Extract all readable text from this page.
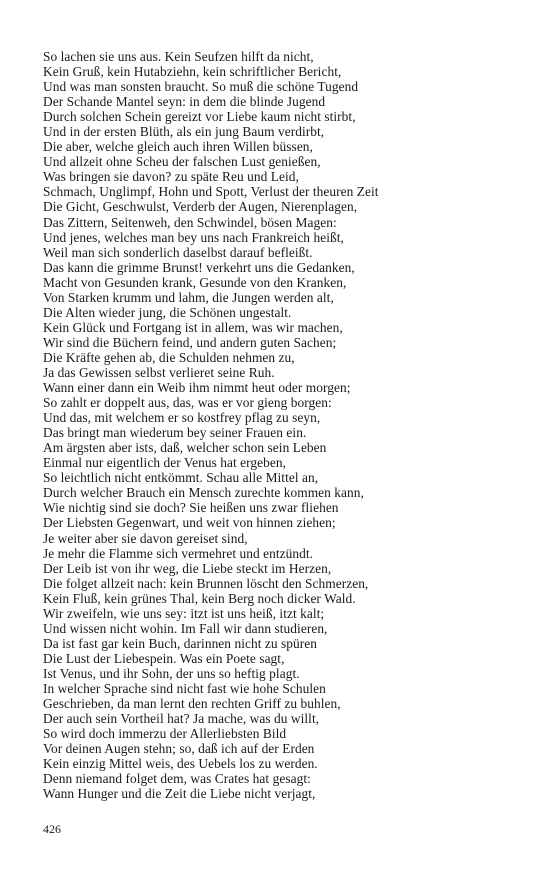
So lachen sie uns aus. Kein Seufzen hilft da nicht,
Kein Gruß, kein Hutabziehn, kein schriftlicher Bericht,
Und was man sonsten braucht. So muß die schöne Tugend
Der Schande Mantel seyn: in dem die blinde Jugend
Durch solchen Schein gereizt vor Liebe kaum nicht stirbt,
Und in der ersten Blüth, als ein jung Baum verdirbt,
Die aber, welche gleich auch ihren Willen büssen,
Und allzeit ohne Scheu der falschen Lust genießen,
Was bringen sie davon? zu späte Reu und Leid,
Schmach, Unglimpf, Hohn und Spott, Verlust der theuren Zeit
Die Gicht, Geschwulst, Verderb der Augen, Nierenplagen,
Das Zittern, Seitenweh, den Schwindel, bösen Magen:
Und jenes, welches man bey uns nach Frankreich heißt,
Weil man sich sonderlich daselbst darauf befleißt.
Das kann die grimme Brunst! verkehrt uns die Gedanken,
Macht von Gesunden krank, Gesunde von den Kranken,
Von Starken krumm und lahm, die Jungen werden alt,
Die Alten wieder jung, die Schönen ungestalt.
Kein Glück und Fortgang ist in allem, was wir machen,
Wir sind die Büchern feind, und andern guten Sachen;
Die Kräfte gehen ab, die Schulden nehmen zu,
Ja das Gewissen selbst verlieret seine Ruh.
Wann einer dann ein Weib ihm nimmt heut oder morgen;
So zahlt er doppelt aus, das, was er vor gieng borgen:
Und das, mit welchem er so kostfrey pflag zu seyn,
Das bringt man wiederum bey seiner Frauen ein.
Am ärgsten aber ists, daß, welcher schon sein Leben
Einmal nur eigentlich der Venus hat ergeben,
So leichtlich nicht entkömmt. Schau alle Mittel an,
Durch welcher Brauch ein Mensch zurechte kommen kann,
Wie nichtig sind sie doch? Sie heißen uns zwar fliehen
Der Liebsten Gegenwart, und weit von hinnen ziehen;
Je weiter aber sie davon gereiset sind,
Je mehr die Flamme sich vermehret und entzündt.
Der Leib ist von ihr weg, die Liebe steckt im Herzen,
Die folget allzeit nach: kein Brunnen löscht den Schmerzen,
Kein Fluß, kein grünes Thal, kein Berg noch dicker Wald.
Wir zweifeln, wie uns sey: itzt ist uns heiß, itzt kalt;
Und wissen nicht wohin. Im Fall wir dann studieren,
Da ist fast gar kein Buch, darinnen nicht zu spüren
Die Lust der Liebespein. Was ein Poete sagt,
Ist Venus, und ihr Sohn, der uns so heftig plagt.
In welcher Sprache sind nicht fast wie hohe Schulen
Geschrieben, da man lernt den rechten Griff zu buhlen,
Der auch sein Vortheil hat? Ja mache, was du willt,
So wird doch immerzu der Allerliebsten Bild
Vor deinen Augen stehn; so, daß ich auf der Erden
Kein einzig Mittel weis, des Uebels los zu werden.
Denn niemand folget dem, was Crates hat gesagt:
Wann Hunger und die Zeit die Liebe nicht verjagt,
426
